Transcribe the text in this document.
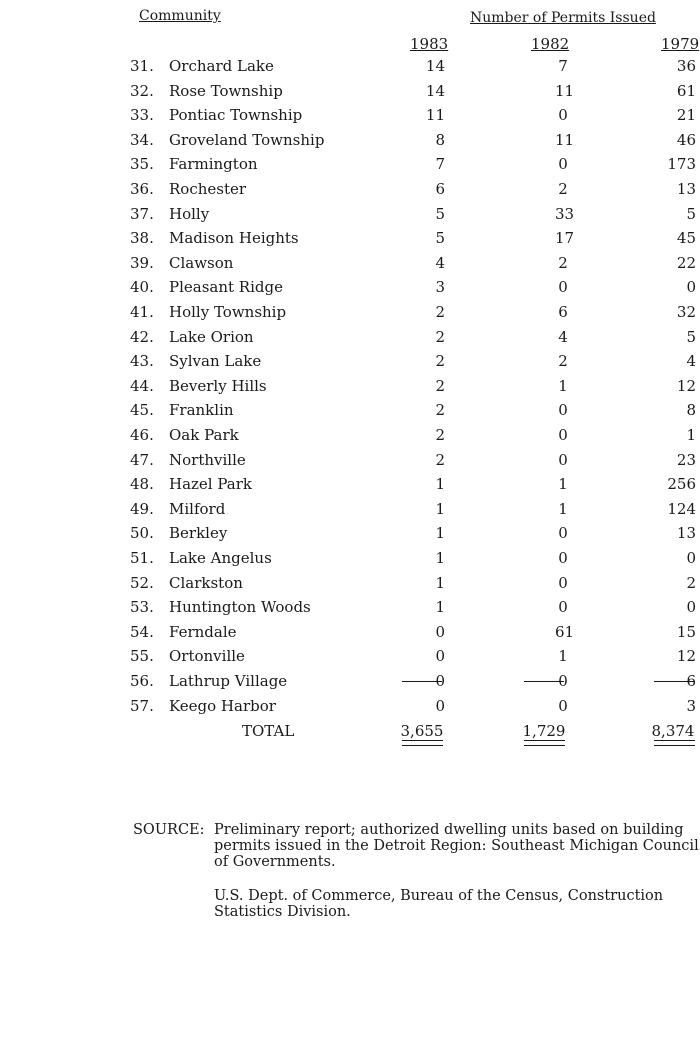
Community	Number of Permits Issued
1983	1982	1979
31. Orchard Lake	14	7	36
32. Rose Township	14	11	61
33. Pontiac Township	11	0	21
34. Groveland Township	8	11	46
35. Farmington	7	0	173
36. Rochester	6	2	13
37. Holly	5	33	5
38. Madison Heights	5	17	45
39. Clawson	4	2	22
40. Pleasant Ridge	3	0	0
41. Holly Township	2	6	32
42. Lake Orion	2	4	5
43. Sylvan Lake	2	2	4
44. Beverly Hills	2	1	12
45. Franklin	2	0	8
46. Oak Park	2	0	1
47. Northville	2	0	23
48. Hazel Park	1	1	256
49. Milford	1	1	124
50. Berkley	1	0	13
51. Lake Angelus	1	0	0
52. Clarkston	1	0	2
53. Huntington Woods	1	0	0
54. Ferndale	0	61	15
55. Ortonville	0	1	12
56. Lathrup Village	0	0	6
57. Keego Harbor	0	0	3
TOTAL	3,655	1,729	8,374
SOURCE: Preliminary report; authorized dwelling units based on building permits issued in the Detroit Region: Southeast Michigan Council of Governments.
U.S. Dept. of Commerce, Bureau of the Census, Construction Statistics Division.
